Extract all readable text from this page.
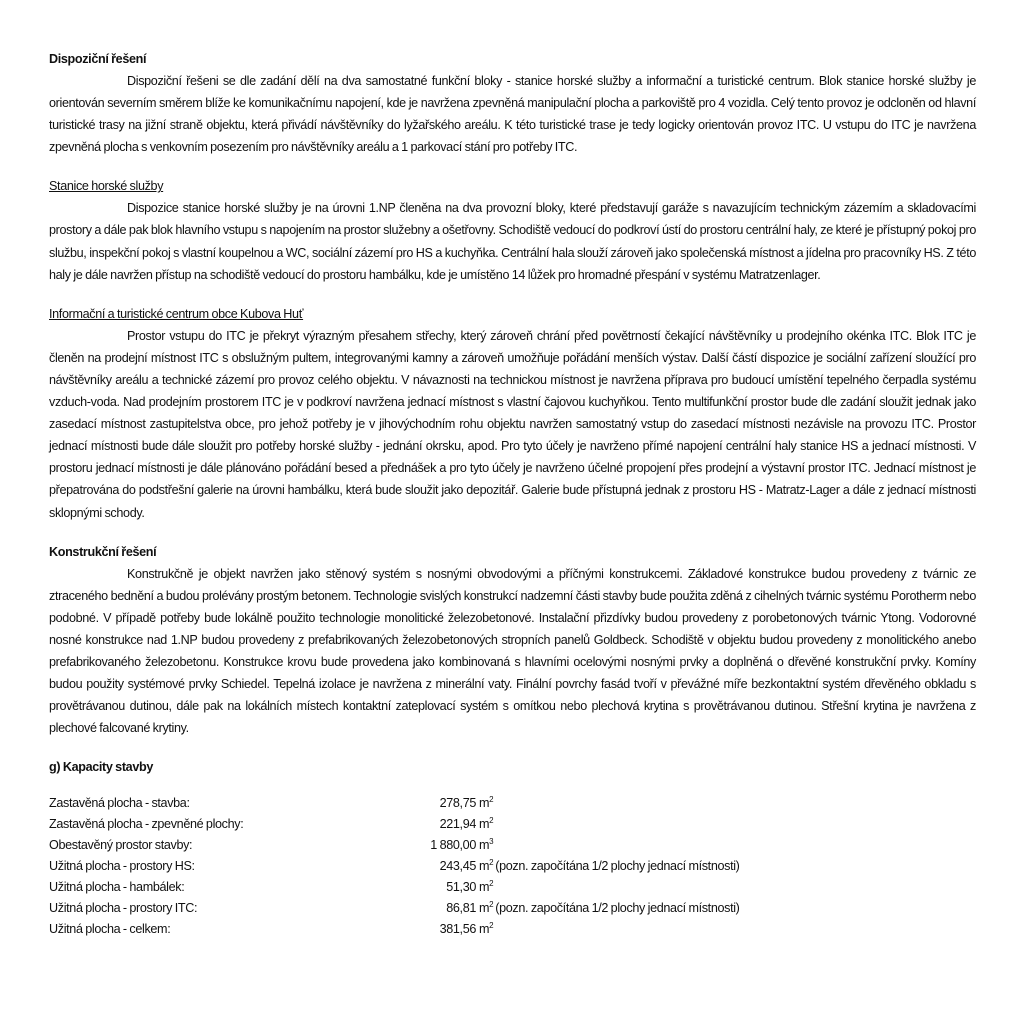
Dispoziční řešení

Dispoziční řešeni se dle zadání dělí na dva samostatné funkční bloky - stanice horské služby a informační a turistické centrum. Blok stanice horské služby je orientován severním směrem blíže ke komunikačnímu napojení, kde je navržena zpevněná manipulační plocha a parkoviště pro 4 vozidla. Celý tento provoz je odcloněn od hlavní turistické trasy na jižní straně objektu, která přivádí návštěvníky do lyžařského areálu. K této turistické trase je tedy logicky orientován provoz ITC. U vstupu do ITC je navržena zpevněná plocha s venkovním posezením pro návštěvníky areálu a 1 parkovací stání pro potřeby ITC.

Stanice horské služby

Dispozice stanice horské služby je na úrovni 1.NP členěna na dva provozní bloky, které představují garáže s navazujícím technickým zázemím a skladovacími prostory a dále pak blok hlavního vstupu s napojením na prostor služebny a ošetřovny. Schodiště vedoucí do podkroví ústí do prostoru centrální haly, ze které je přístupný pokoj pro službu, inspekční pokoj s vlastní koupelnou a WC, sociální zázemí pro HS a kuchyňka. Centrální hala slouží zároveň jako společenská místnost a jídelna pro pracovníky HS. Z této haly je dále navržen přístup na schodiště vedoucí do prostoru hambálku, kde je umístěno 14 lůžek pro hromadné přespání v systému Matratzenlager.

Informační a turistické centrum obce Kubova Huť

Prostor vstupu do ITC je překryt výrazným přesahem střechy, který zároveň chrání před povětrností čekající návštěvníky u prodejního okénka ITC. Blok ITC je členěn na prodejní místnost ITC s obslužným pultem, integrovanými kamny a zároveň umožňuje pořádání menších výstav. Další částí dispozice je sociální zařízení sloužící pro návštěvníky areálu a technické zázemí pro provoz celého objektu. V návaznosti na technickou místnost je navržena příprava pro budoucí umístění tepelného čerpadla systému vzduch-voda. Nad prodejním prostorem ITC je v podkroví navržena jednací místnost s vlastní čajovou kuchyňkou. Tento multifunkční prostor bude dle zadání sloužit jednak jako zasedací místnost zastupitelstva obce, pro jehož potřeby je v jihovýchodním rohu objektu navržen samostatný vstup do zasedací místnosti nezávisle na provozu ITC. Prostor jednací místnosti bude dále sloužit pro potřeby horské služby - jednání okrsku, apod. Pro tyto účely je navrženo přímé napojení centrální haly stanice HS a jednací místnosti. V prostoru jednací místnosti je dále plánováno pořádání besed a přednášek a pro tyto účely je navrženo účelné propojení přes prodejní a výstavní prostor ITC. Jednací místnost je přepatrována do podstřešní galerie na úrovni hambálku, která bude sloužit jako depozitář. Galerie bude přístupná jednak z prostoru HS - Matratz-Lager a dále z jednací místnosti sklopnými schody.

Konstrukční řešení

Konstrukčně je objekt navržen jako stěnový systém s nosnými obvodovými a příčnými konstrukcemi. Základové konstrukce budou provedeny z tvárnic ze ztraceného bednění a budou prolévány prostým betonem. Technologie svislých konstrukcí nadzemní části stavby bude použita zděná z cihelných tvárnic systému Porotherm nebo podobné. V případě potřeby bude lokálně použito technologie monolitické železobetonové. Instalační přizdívky budou provedeny z porobetonových tvárnic Ytong. Vodorovné nosné konstrukce nad 1.NP budou provedeny z prefabrikovaných železobetonových stropních panelů Goldbeck. Schodiště v objektu budou provedeny z monolitického anebo prefabrikovaného železobetonu. Konstrukce krovu bude provedena jako kombinovaná s hlavními ocelovými nosnými prvky a doplněná o dřevěné konstrukční prvky. Komíny budou použity systémové prvky Schiedel. Tepelná izolace je navržena z minerální vaty. Finální povrchy fasád tvoří v převážné míře bezkontaktní systém dřevěného obkladu s provětrávanou dutinou, dále pak na lokálních místech kontaktní zateplovací systém s omítkou nebo plechová krytina s provětrávanou dutinou. Střešní krytina je navržena z plechové falcované krytiny.

g) Kapacity stavby
Zastavěná plocha - stavba:	278,75 $m^2$
Zastavěná plocha - zpevněné plochy:	221,94 $m^2$
Obestavěný prostor stavby:	1 880,00 $m^3$
Užitná plocha - prostory HS:	243,45 $m^2$ (pozn. započítána 1/2 plochy jednací místnosti)
Užitná plocha - hambálek:	51,30 $m^2$
Užitná plocha - prostory ITC:	86,81 $m^2$ (pozn. započítána 1/2 plochy jednací místnosti)
Užitná plocha - celkem:	381,56 $m^2$
